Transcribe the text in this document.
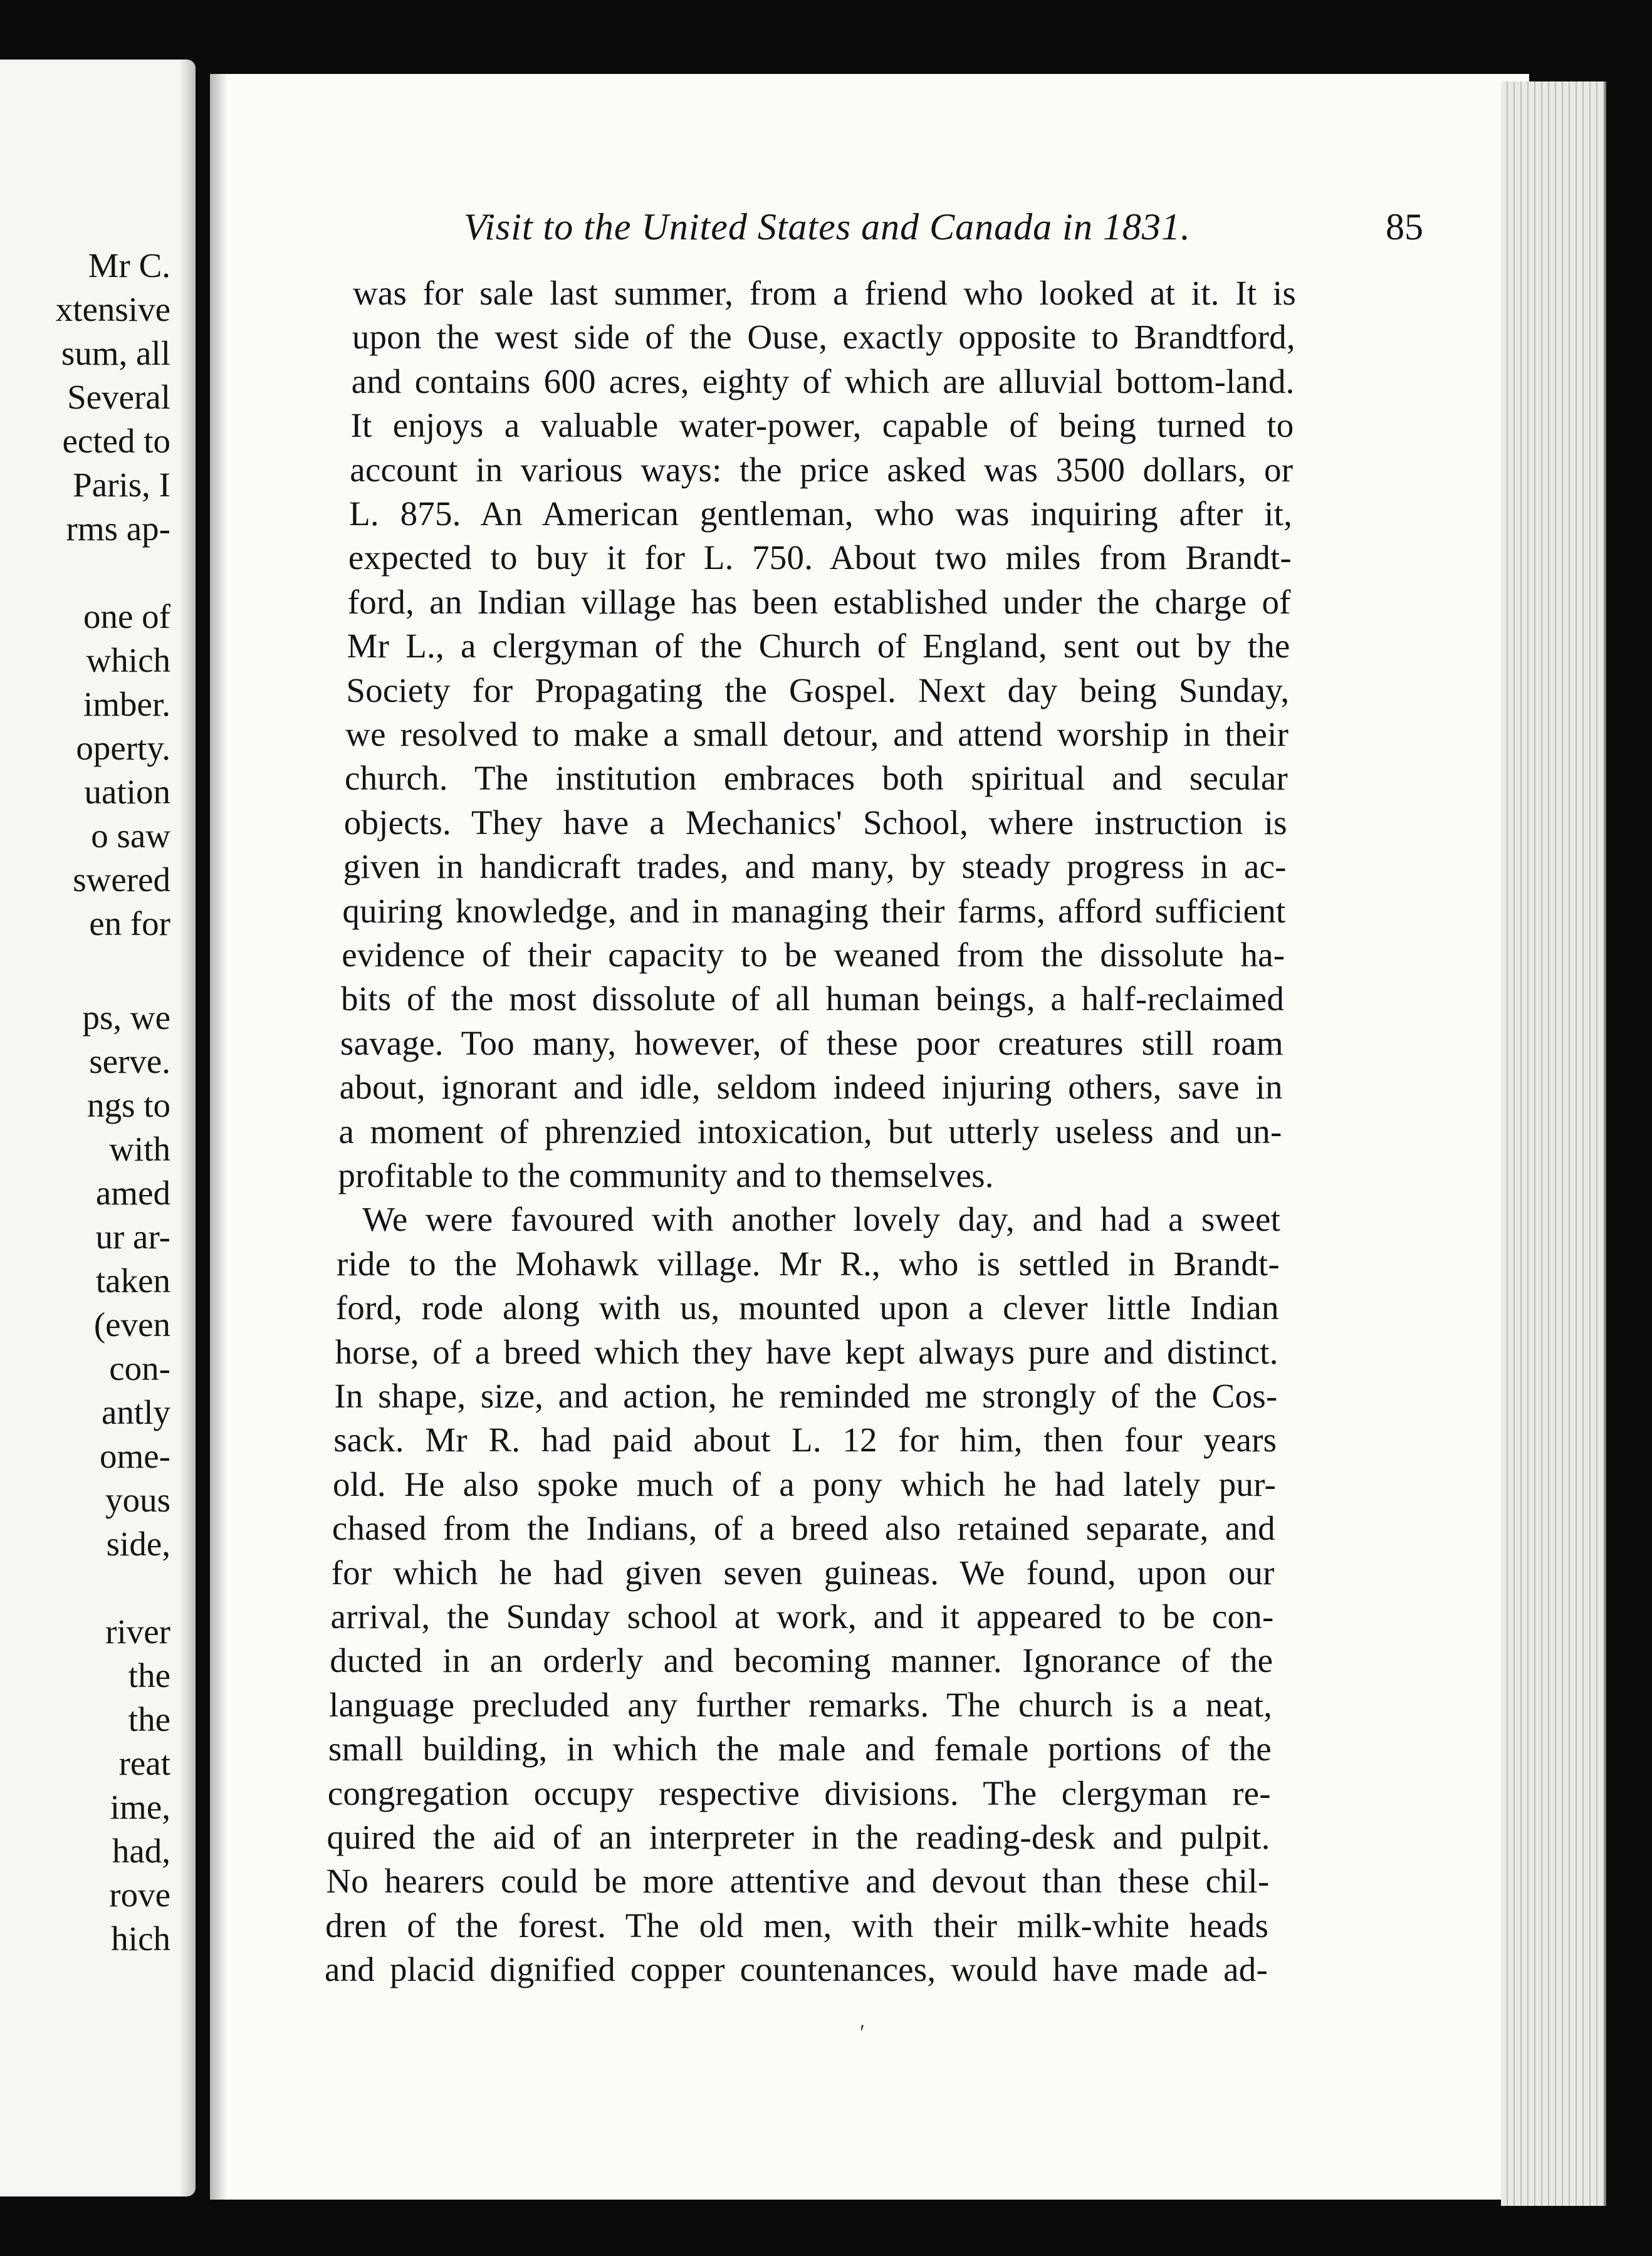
Mr C.
xtensive
sum, all
Several
ected to
Paris, I
rms ap-
one of
which
imber.
operty.
uation
o saw
swered
en for
ps, we
serve.
ngs to
with
amed
ur ar-
taken
(even
con-
antly
ome-
yous
side,
river
the
the
reat
ime,
had,
rove
hich
Visit to the United States and Canada in 1831.	85
was for sale last summer, from a friend who looked at it. It is
upon the west side of the Ouse, exactly opposite to Brandtford,
and contains 600 acres, eighty of which are alluvial bottom-land.
It enjoys a valuable water-power, capable of being turned to
account in various ways: the price asked was 3500 dollars, or
L. 875. An American gentleman, who was inquiring after it,
expected to buy it for L. 750. About two miles from Brandt-
ford, an Indian village has been established under the charge of
Mr L., a clergyman of the Church of England, sent out by the
Society for Propagating the Gospel. Next day being Sunday,
we resolved to make a small detour, and attend worship in their
church. The institution embraces both spiritual and secular
objects. They have a Mechanics' School, where instruction is
given in handicraft trades, and many, by steady progress in ac-
quiring knowledge, and in managing their farms, afford sufficient
evidence of their capacity to be weaned from the dissolute ha-
bits of the most dissolute of all human beings, a half-reclaimed
savage. Too many, however, of these poor creatures still roam
about, ignorant and idle, seldom indeed injuring others, save in
a moment of phrenzied intoxication, but utterly useless and un-
profitable to the community and to themselves.
We were favoured with another lovely day, and had a sweet
ride to the Mohawk village. Mr R., who is settled in Brandt-
ford, rode along with us, mounted upon a clever little Indian
horse, of a breed which they have kept always pure and distinct.
In shape, size, and action, he reminded me strongly of the Cos-
sack. Mr R. had paid about L. 12 for him, then four years
old. He also spoke much of a pony which he had lately pur-
chased from the Indians, of a breed also retained separate, and
for which he had given seven guineas. We found, upon our
arrival, the Sunday school at work, and it appeared to be con-
ducted in an orderly and becoming manner. Ignorance of the
language precluded any further remarks. The church is a neat,
small building, in which the male and female portions of the
congregation occupy respective divisions. The clergyman re-
quired the aid of an interpreter in the reading-desk and pulpit.
No hearers could be more attentive and devout than these chil-
dren of the forest. The old men, with their milk-white heads
and placid dignified copper countenances, would have made ad-
ʹ
